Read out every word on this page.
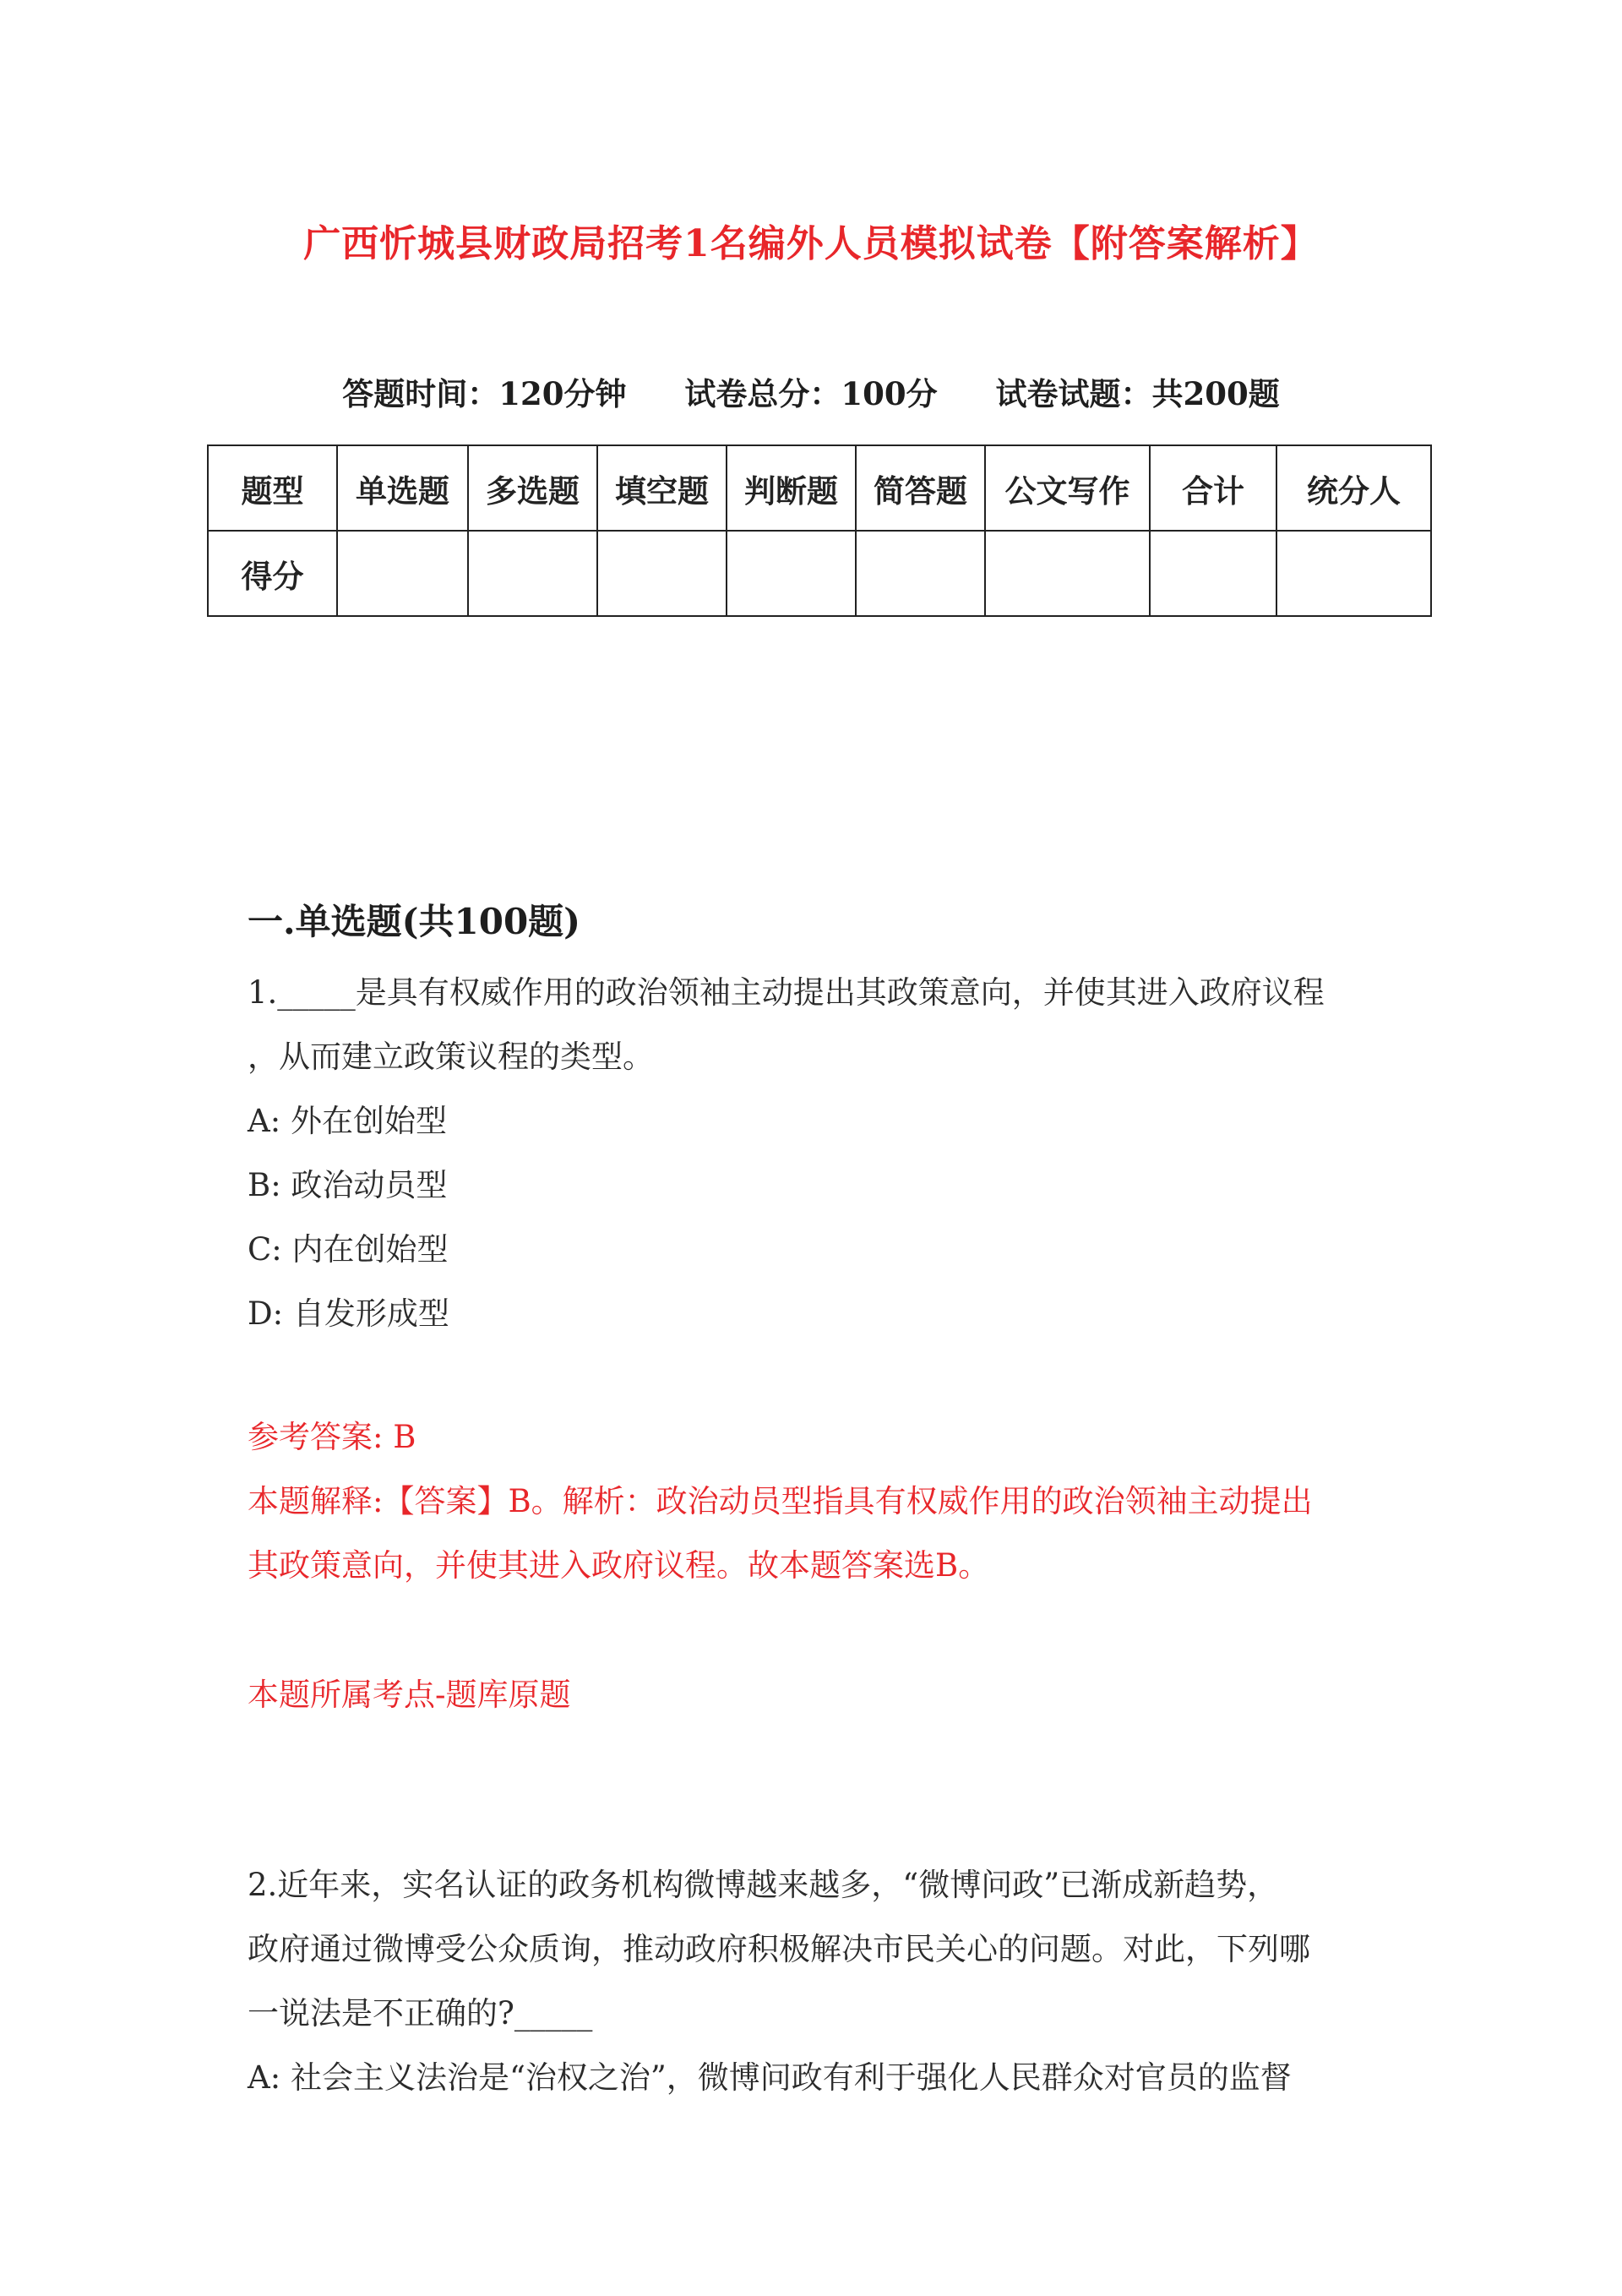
广西忻城县财政局招考1名编外人员模拟试卷【附答案解析】
答题时间：120分钟 试卷总分：100分 试卷试题：共200题
题型	单选题	多选题	填空题	判断题	简答题	公文写作	合计	统分人
得分								
一.单选题(共100题)
1._____是具有权威作用的政治领袖主动提出其政策意向，并使其进入政府议程
，从而建立政策议程的类型。
A: 外在创始型
B: 政治动员型
C: 内在创始型
D: 自发形成型
参考答案: B
本题解释:【答案】B。解析：政治动员型指具有权威作用的政治领袖主动提出
其政策意向，并使其进入政府议程。故本题答案选B。
本题所属考点-题库原题
2.近年来，实名认证的政务机构微博越来越多，“微博问政”已渐成新趋势，
政府通过微博受公众质询，推动政府积极解决市民关心的问题。对此，下列哪
一说法是不正确的?_____
A: 社会主义法治是“治权之治”，微博问政有利于强化人民群众对官员的监督
